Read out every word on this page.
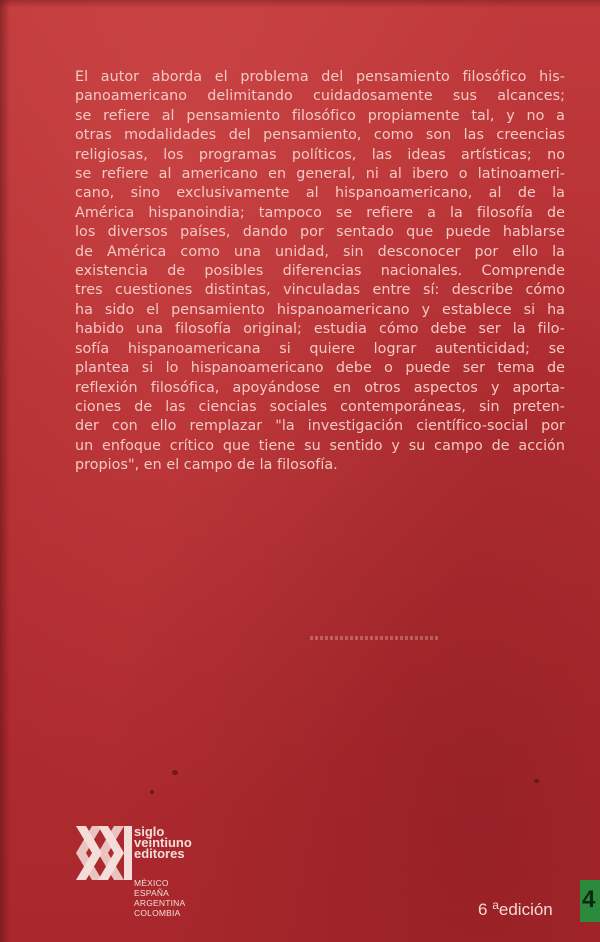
El autor aborda el problema del pensamiento filosófico his-
panoamericano delimitando cuidadosamente sus alcances;
se refiere al pensamiento filosófico propiamente tal, y no a
otras modalidades del pensamiento, como son las creencias
religiosas, los programas políticos, las ideas artísticas; no
se refiere al americano en general, ni al ibero o latinoameri-
cano, sino exclusivamente al hispanoamericano, al de la
América hispanoindia; tampoco se refiere a la filosofía de
los diversos países, dando por sentado que puede hablarse
de América como una unidad, sin desconocer por ello la
existencia de posibles diferencias nacionales. Comprende
tres cuestiones distintas, vinculadas entre sí: describe cómo
ha sido el pensamiento hispanoamericano y establece si ha
habido una filosofía original; estudia cómo debe ser la filo-
sofía hispanoamericana si quiere lograr autenticidad; se
plantea si lo hispanoamericano debe o puede ser tema de
reflexión filosófica, apoyándose en otros aspectos y aporta-
ciones de las ciencias sociales contemporáneas, sin preten-
der con ello remplazar "la investigación científico-social por
un enfoque crítico que tiene su sentido y su campo de acción
propios", en el campo de la filosofía.
siglo
veintiuno
editores
MÉXICO
ESPAÑA
ARGENTINA
COLOMBIA	6 $^a$edición 4
